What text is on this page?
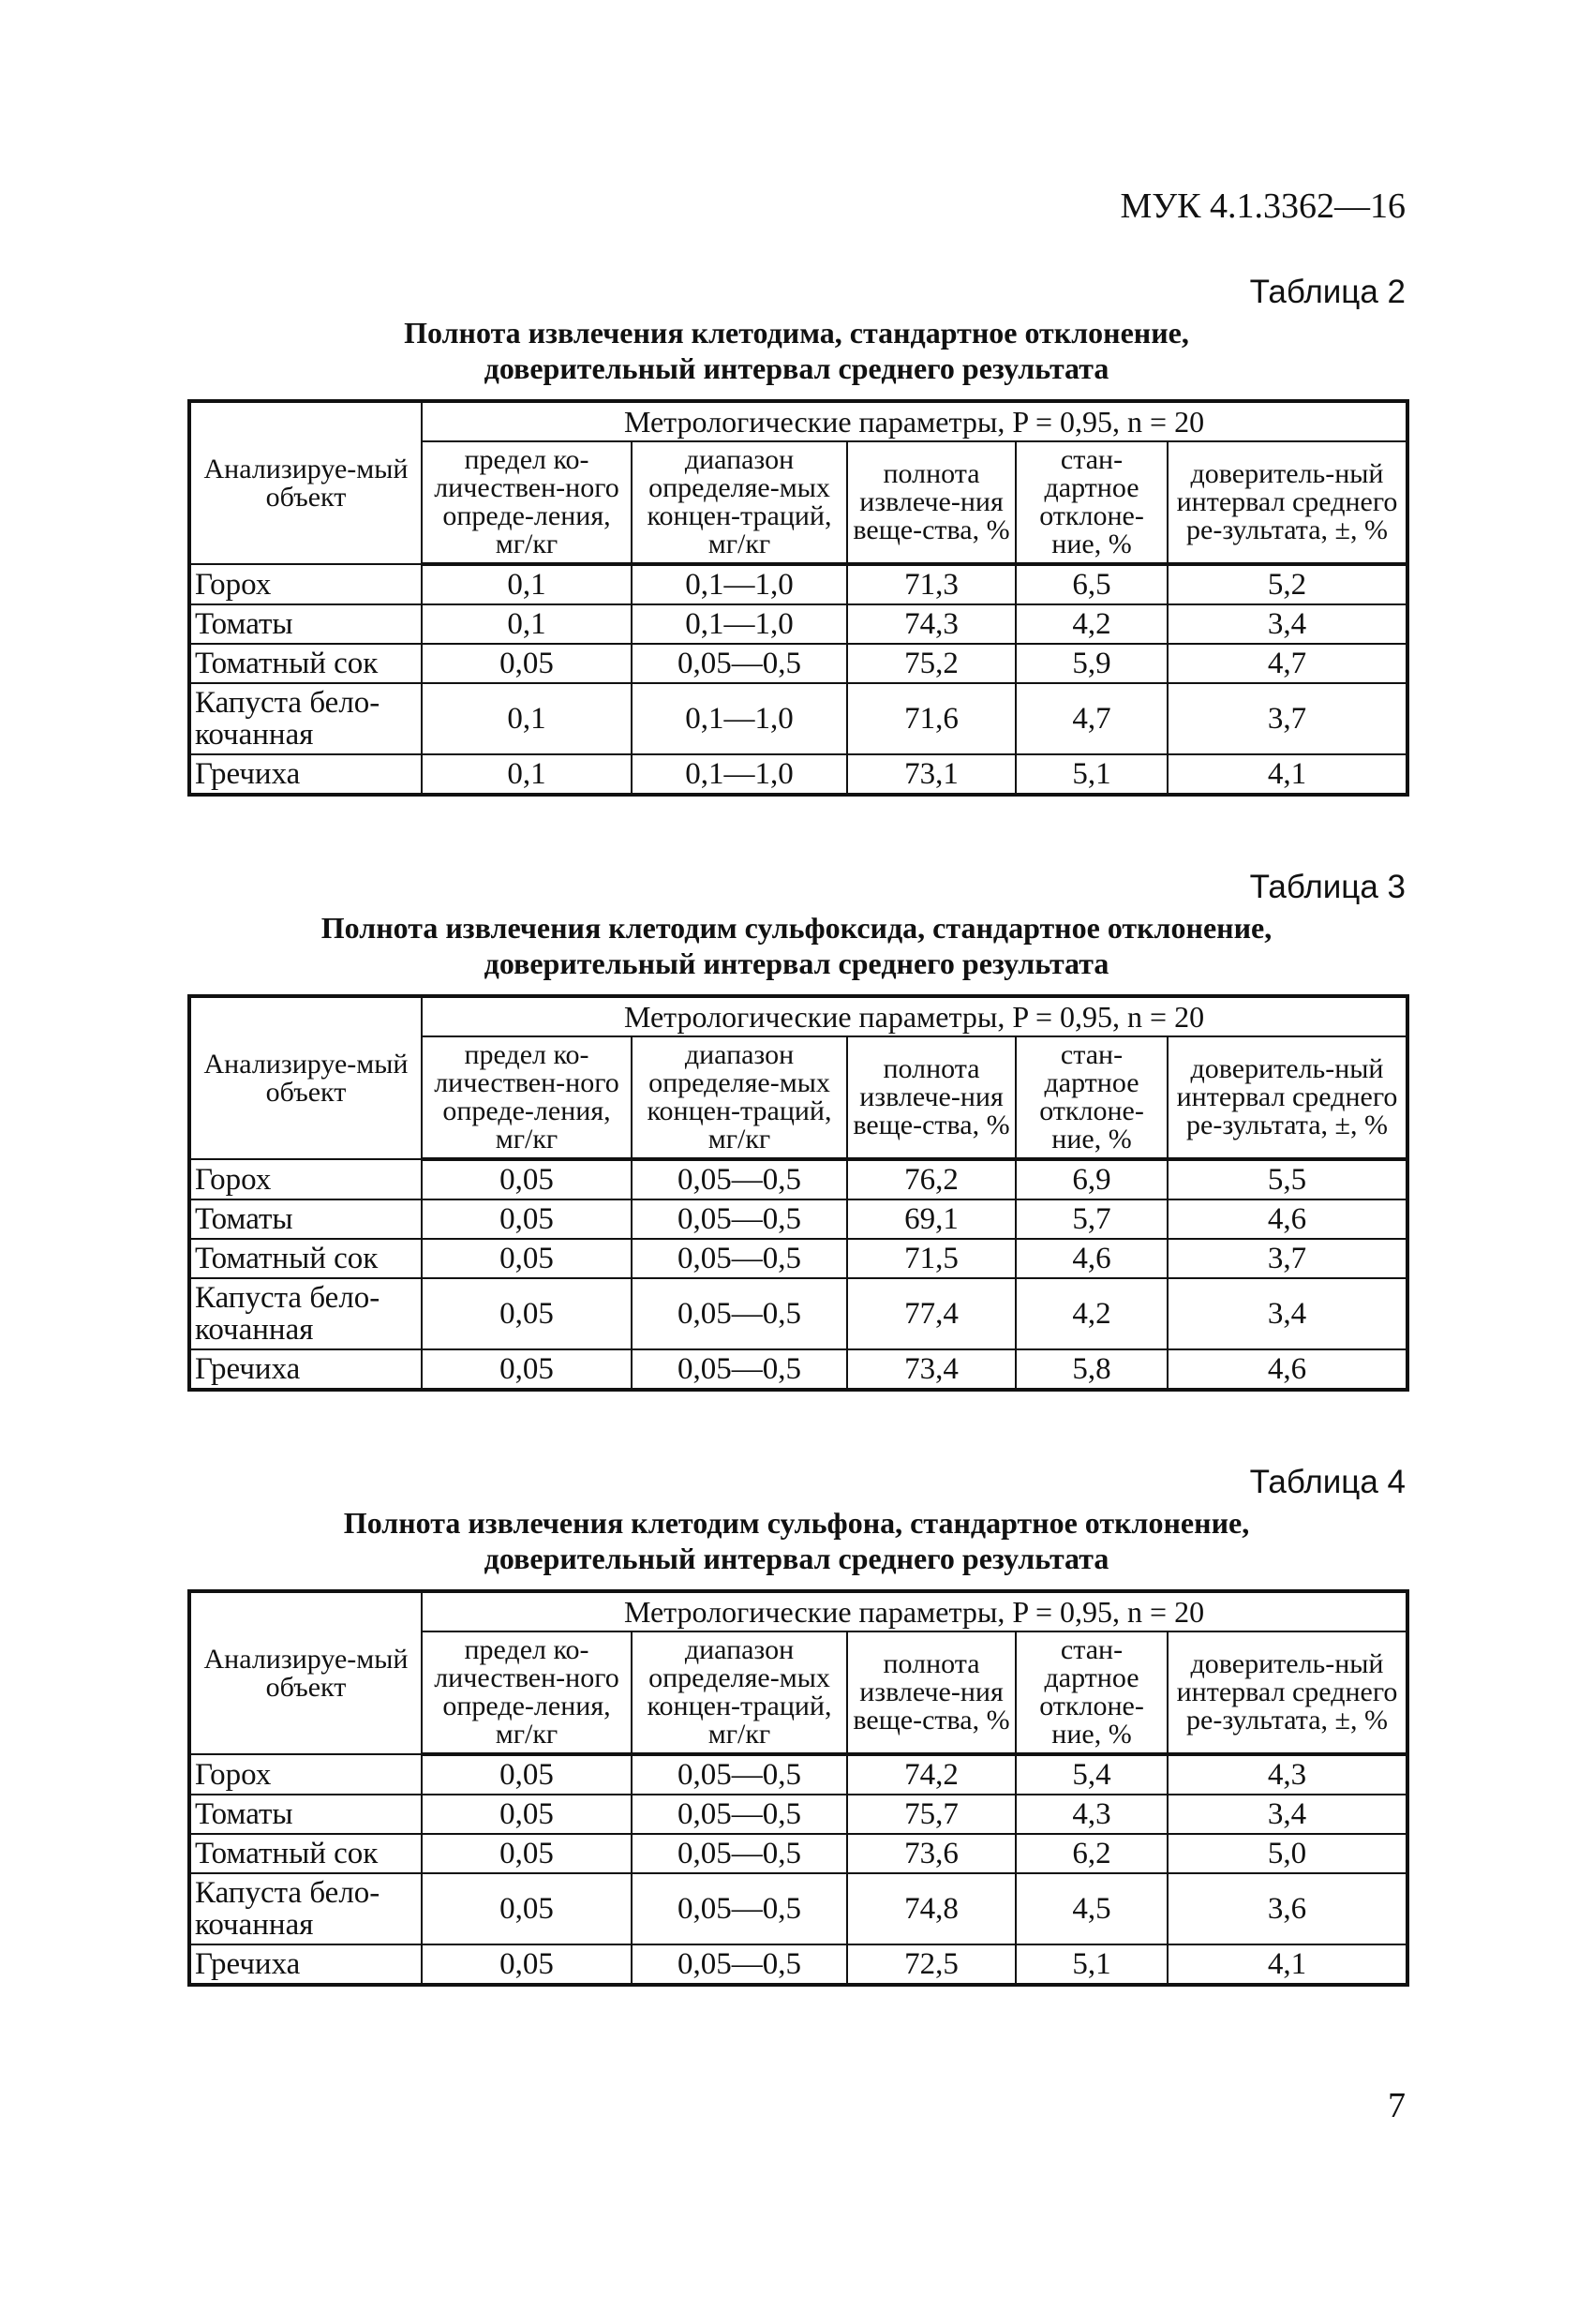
МУК 4.1.3362—16
Таблица 2
Полнота извлечения клетодима, стандартное отклонение,
доверительный интервал среднего результата
Анализируе-мый объект	Метрологические параметры, P = 0,95, n = 20				
	предел ко-личествен-ного опреде-ления, мг/кг	диапазон определяе-мых концен-траций, мг/кг	полнота извлече-ния веще-ства, %	стан-дартное отклоне-ние, %	доверитель-ный интервал среднего ре-зультата, ±, %
Горох	0,1	0,1—1,0	71,3	6,5	5,2
Томаты	0,1	0,1—1,0	74,3	4,2	3,4
Томатный сок	0,05	0,05—0,5	75,2	5,9	4,7
Капуста бело-кочанная	0,1	0,1—1,0	71,6	4,7	3,7
Гречиха	0,1	0,1—1,0	73,1	5,1	4,1
Таблица 3
Полнота извлечения клетодим сульфоксида, стандартное отклонение,
доверительный интервал среднего результата
Анализируе-мый объект	Метрологические параметры, P = 0,95, n = 20				
	предел ко-личествен-ного опреде-ления, мг/кг	диапазон определяе-мых концен-траций, мг/кг	полнота извлече-ния веще-ства, %	стан-дартное отклоне-ние, %	доверитель-ный интервал среднего ре-зультата, ±, %
Горох	0,05	0,05—0,5	76,2	6,9	5,5
Томаты	0,05	0,05—0,5	69,1	5,7	4,6
Томатный сок	0,05	0,05—0,5	71,5	4,6	3,7
Капуста бело-кочанная	0,05	0,05—0,5	77,4	4,2	3,4
Гречиха	0,05	0,05—0,5	73,4	5,8	4,6
Таблица 4
Полнота извлечения клетодим сульфона, стандартное отклонение,
доверительный интервал среднего результата
Анализируе-мый объект	Метрологические параметры, P = 0,95, n = 20				
	предел ко-личествен-ного опреде-ления, мг/кг	диапазон определяе-мых концен-траций, мг/кг	полнота извлече-ния веще-ства, %	стан-дартное отклоне-ние, %	доверитель-ный интервал среднего ре-зультата, ±, %
Горох	0,05	0,05—0,5	74,2	5,4	4,3
Томаты	0,05	0,05—0,5	75,7	4,3	3,4
Томатный сок	0,05	0,05—0,5	73,6	6,2	5,0
Капуста бело-кочанная	0,05	0,05—0,5	74,8	4,5	3,6
Гречиха	0,05	0,05—0,5	72,5	5,1	4,1
7
